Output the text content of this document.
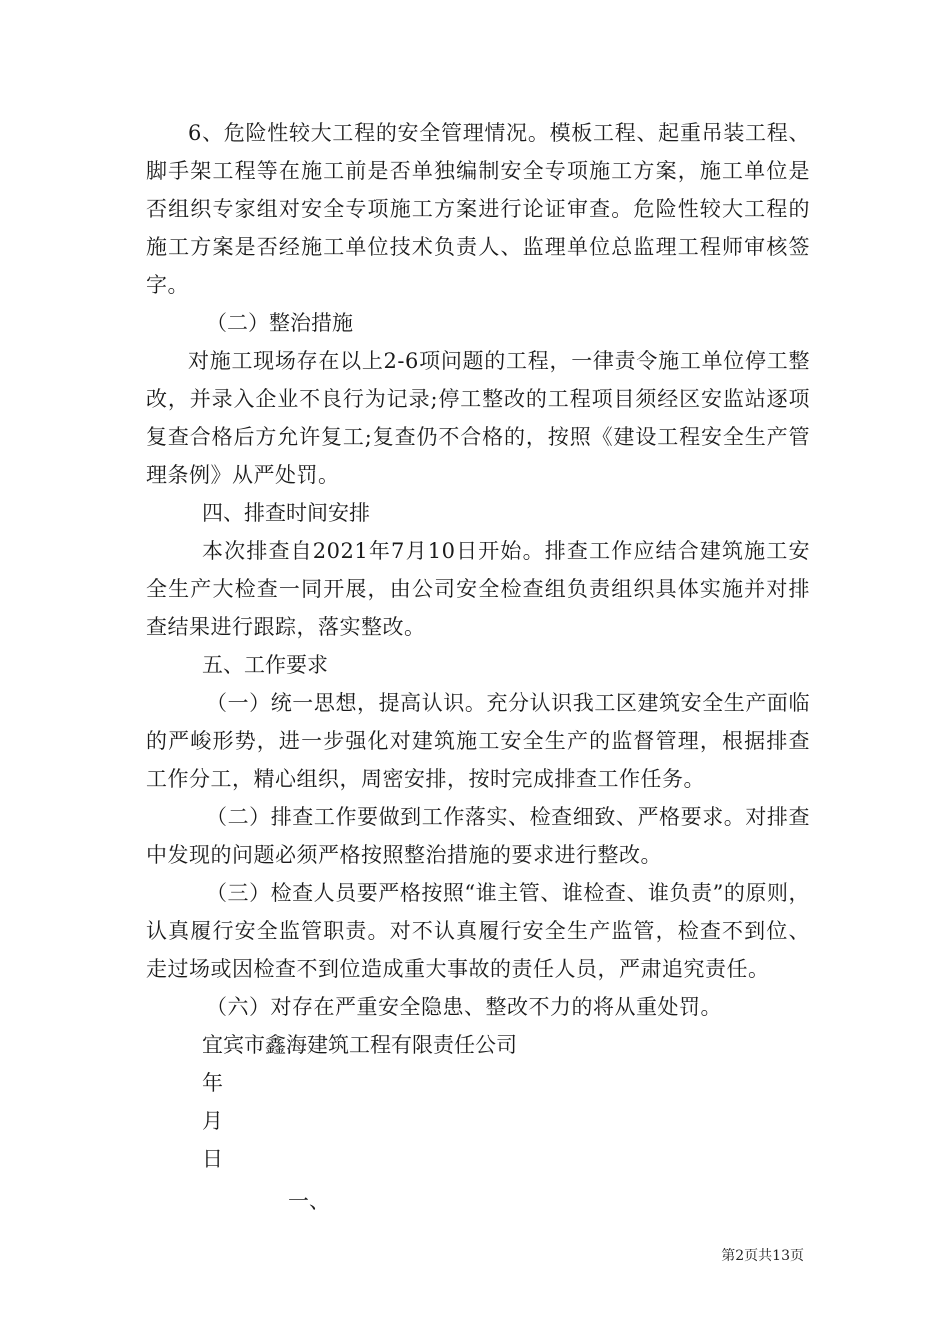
6、危险性较大工程的安全管理情况。模板工程、起重吊装工程、脚手架工程等在施工前是否单独编制安全专项施工方案，施工单位是否组织专家组对安全专项施工方案进行论证审查。危险性较大工程的施工方案是否经施工单位技术负责人、监理单位总监理工程师审核签字。

（二）整治措施

对施工现场存在以上2-6项问题的工程，一律责令施工单位停工整改，并录入企业不良行为记录;停工整改的工程项目须经区安监站逐项复查合格后方允许复工;复查仍不合格的，按照《建设工程安全生产管理条例》从严处罚。

四、排查时间安排

本次排查自2021年7月10日开始。排查工作应结合建筑施工安全生产大检查一同开展，由公司安全检查组负责组织具体实施并对排查结果进行跟踪，落实整改。

五、工作要求

（一）统一思想，提高认识。充分认识我工区建筑安全生产面临的严峻形势，进一步强化对建筑施工安全生产的监督管理，根据排查工作分工，精心组织，周密安排，按时完成排查工作任务。

（二）排查工作要做到工作落实、检查细致、严格要求。对排查中发现的问题必须严格按照整治措施的要求进行整改。

（三）检查人员要严格按照“谁主管、谁检查、谁负责”的原则，认真履行安全监管职责。对不认真履行安全生产监管，检查不到位、走过场或因检查不到位造成重大事故的责任人员，严肃追究责任。

（六）对存在严重安全隐患、整改不力的将从重处罚。

宜宾市鑫海建筑工程有限责任公司

年

月

日

一、

第2页共13页
